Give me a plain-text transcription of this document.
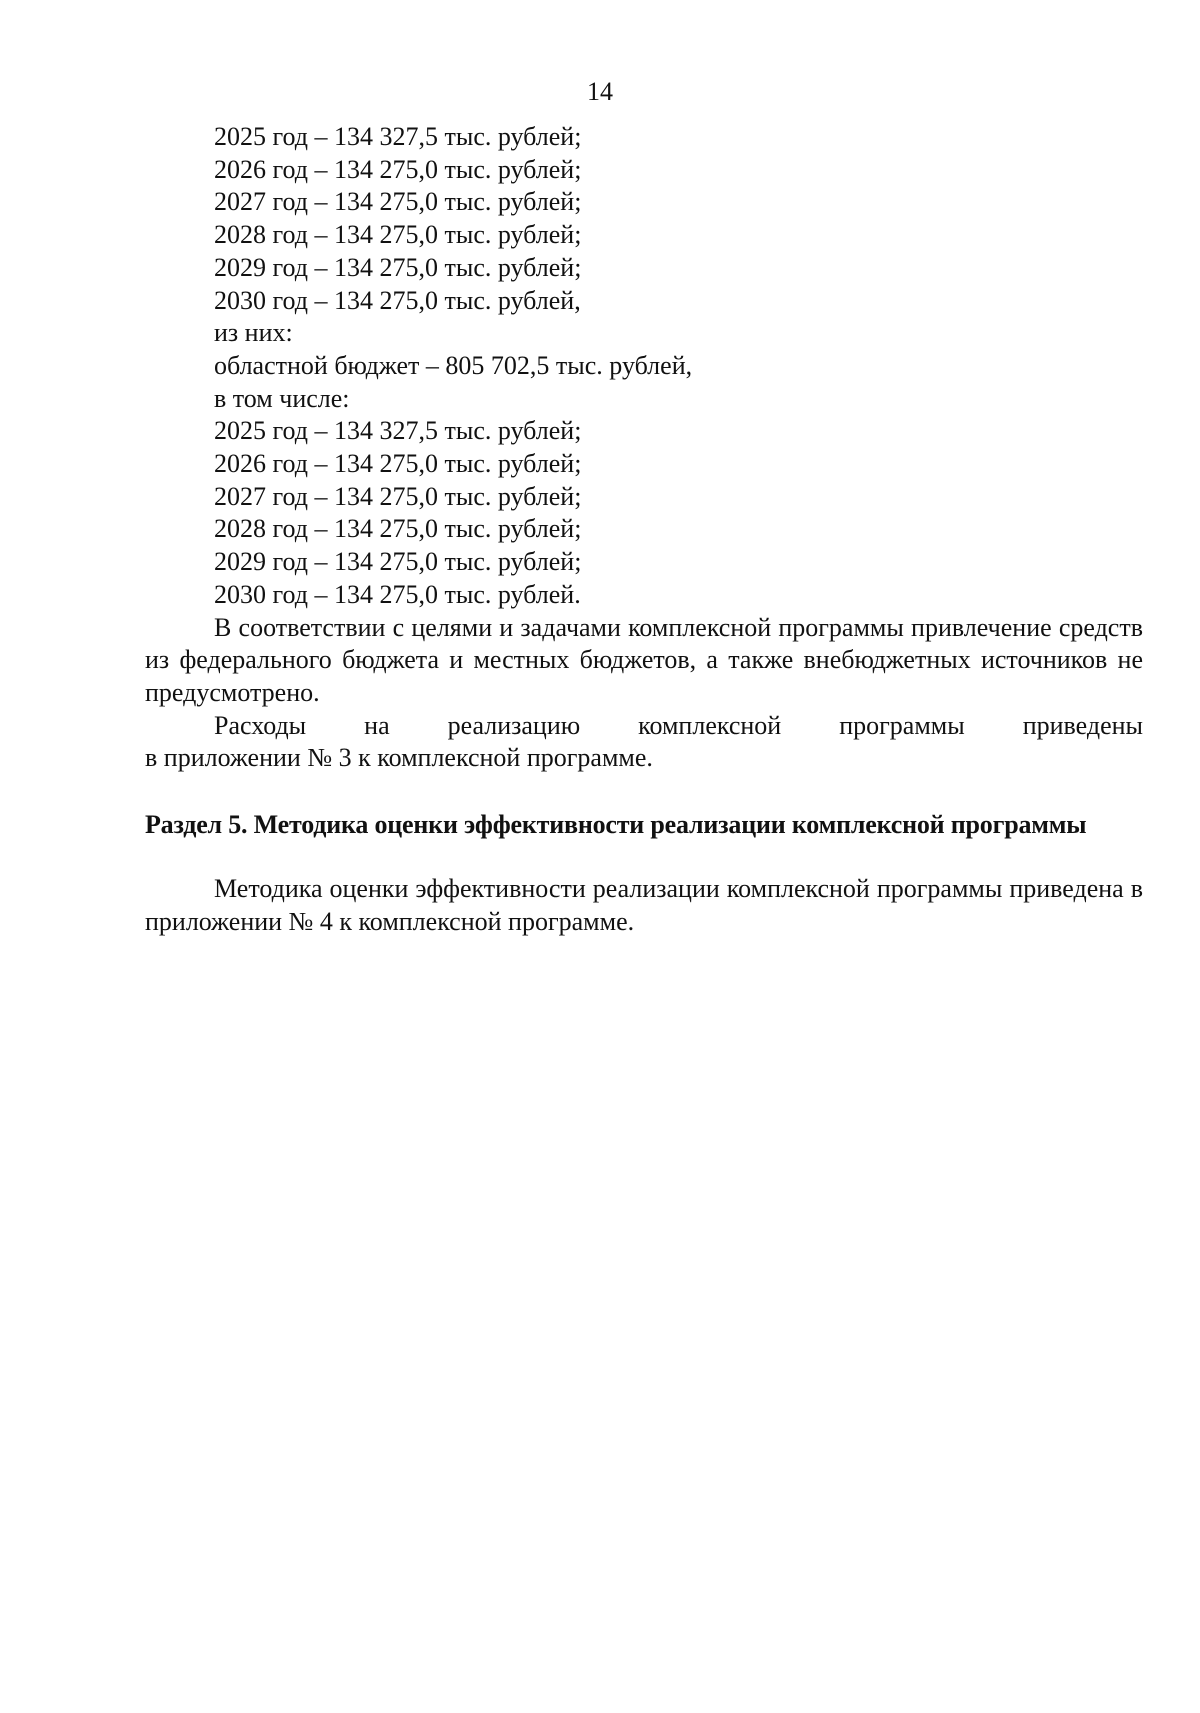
14

2025 год – 134 327,5 тыс. рублей;

2026 год – 134 275,0 тыс. рублей;

2027 год – 134 275,0 тыс. рублей;

2028 год – 134 275,0 тыс. рублей;

2029 год – 134 275,0 тыс. рублей;

2030 год – 134 275,0 тыс. рублей,

из них:

областной бюджет – 805 702,5 тыс. рублей,

в том числе:

2025 год – 134 327,5 тыс. рублей;

2026 год – 134 275,0 тыс. рублей;

2027 год – 134 275,0 тыс. рублей;

2028 год – 134 275,0 тыс. рублей;

2029 год – 134 275,0 тыс. рублей;

2030 год – 134 275,0 тыс. рублей.

В соответствии с целями и задачами комплексной программы привлечение средств из федерального бюджета и местных бюджетов, а также внебюджетных источников не предусмотрено.

Расходы на реализацию комплексной программы приведены

в приложении № 3 к комплексной программе.

Раздел 5. Методика оценки эффективности реализации комплексной программы

Методика оценки эффективности реализации комплексной программы приведена в приложении № 4 к комплексной программе.
